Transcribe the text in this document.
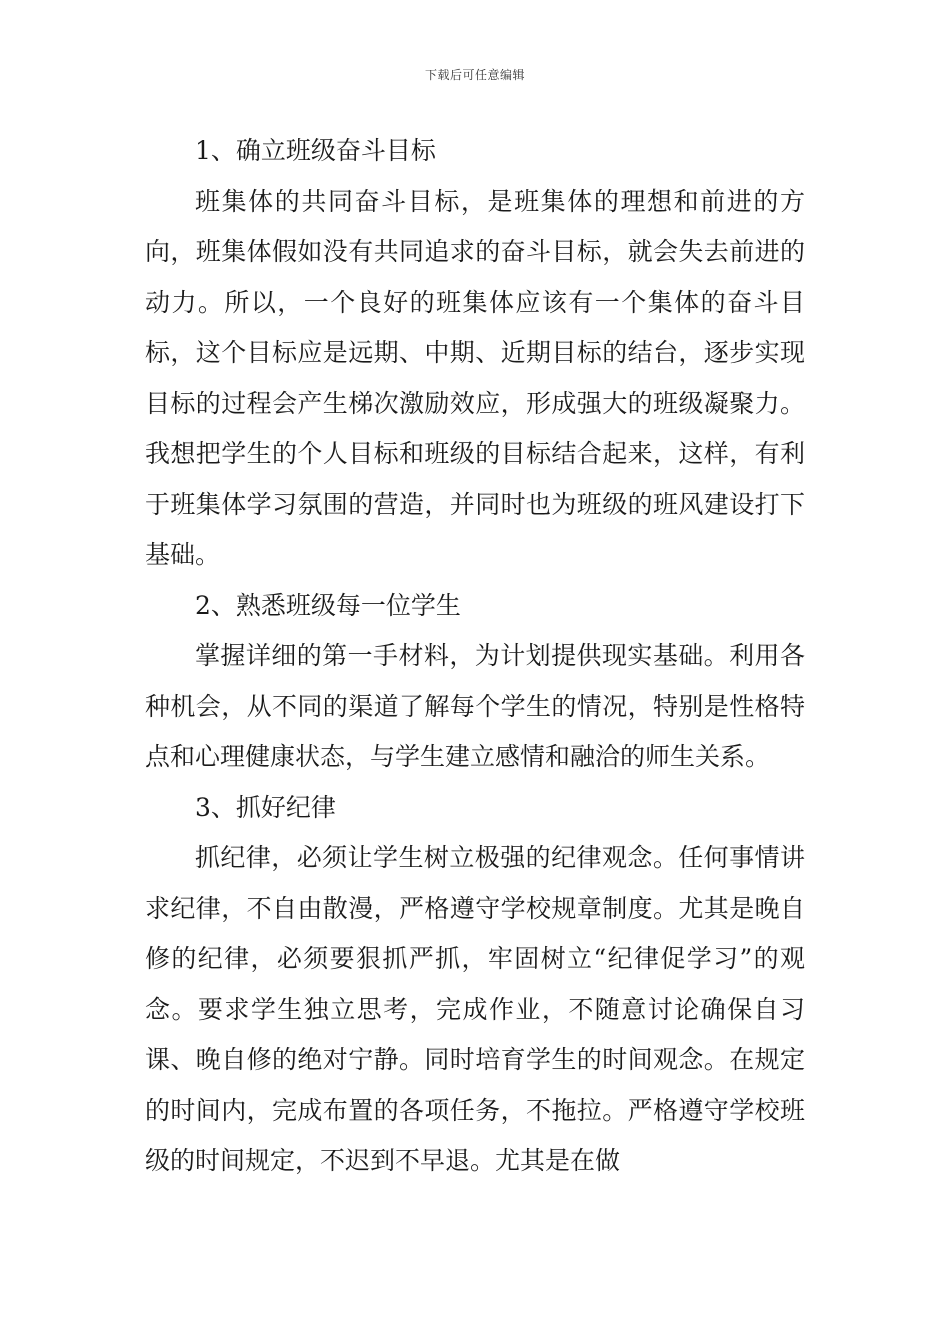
下载后可任意编辑

1、确立班级奋斗目标

班集体的共同奋斗目标，是班集体的理想和前进的方向，班集体假如没有共同追求的奋斗目标，就会失去前进的动力。所以，一个良好的班集体应该有一个集体的奋斗目标，这个目标应是远期、中期、近期目标的结台，逐步实现目标的过程会产生梯次激励效应，形成强大的班级凝聚力。我想把学生的个人目标和班级的目标结合起来，这样，有利于班集体学习氛围的营造，并同时也为班级的班风建设打下基础。

2、熟悉班级每一位学生

掌握详细的第一手材料，为计划提供现实基础。利用各种机会，从不同的渠道了解每个学生的情况，特别是性格特点和心理健康状态，与学生建立感情和融洽的师生关系。

3、抓好纪律

抓纪律，必须让学生树立极强的纪律观念。任何事情讲求纪律，不自由散漫，严格遵守学校规章制度。尤其是晚自修的纪律，必须要狠抓严抓，牢固树立“纪律促学习”的观念。要求学生独立思考，完成作业，不随意讨论确保自习课、晚自修的绝对宁静。同时培育学生的时间观念。在规定的时间内，完成布置的各项任务，不拖拉。严格遵守学校班级的时间规定，不迟到不早退。尤其是在做
